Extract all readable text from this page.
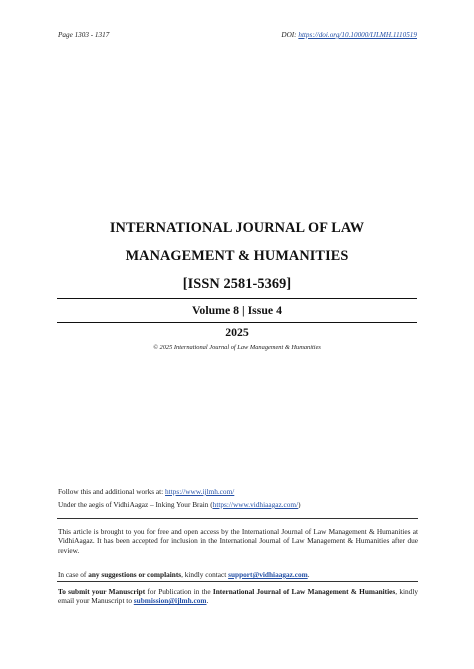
Page 1303 - 1317	DOI: https://doi.org/10.10000/IJLMH.1110519
INTERNATIONAL JOURNAL OF LAW
MANAGEMENT & HUMANITIES
[ISSN 2581-5369]
Volume 8 | Issue 4
2025
© 2025 International Journal of Law Management & Humanities
Follow this and additional works at: https://www.ijlmh.com/
Under the aegis of VidhiAagaz – Inking Your Brain (https://www.vidhiaagaz.com/)
This article is brought to you for free and open access by the International Journal of Law Management & Humanities at VidhiAagaz. It has been accepted for inclusion in the International Journal of Law Management & Humanities after due review.
In case of any suggestions or complaints, kindly contact support@vidhiaagaz.com.
To submit your Manuscript for Publication in the International Journal of Law Management & Humanities, kindly email your Manuscript to submission@ijlmh.com.
